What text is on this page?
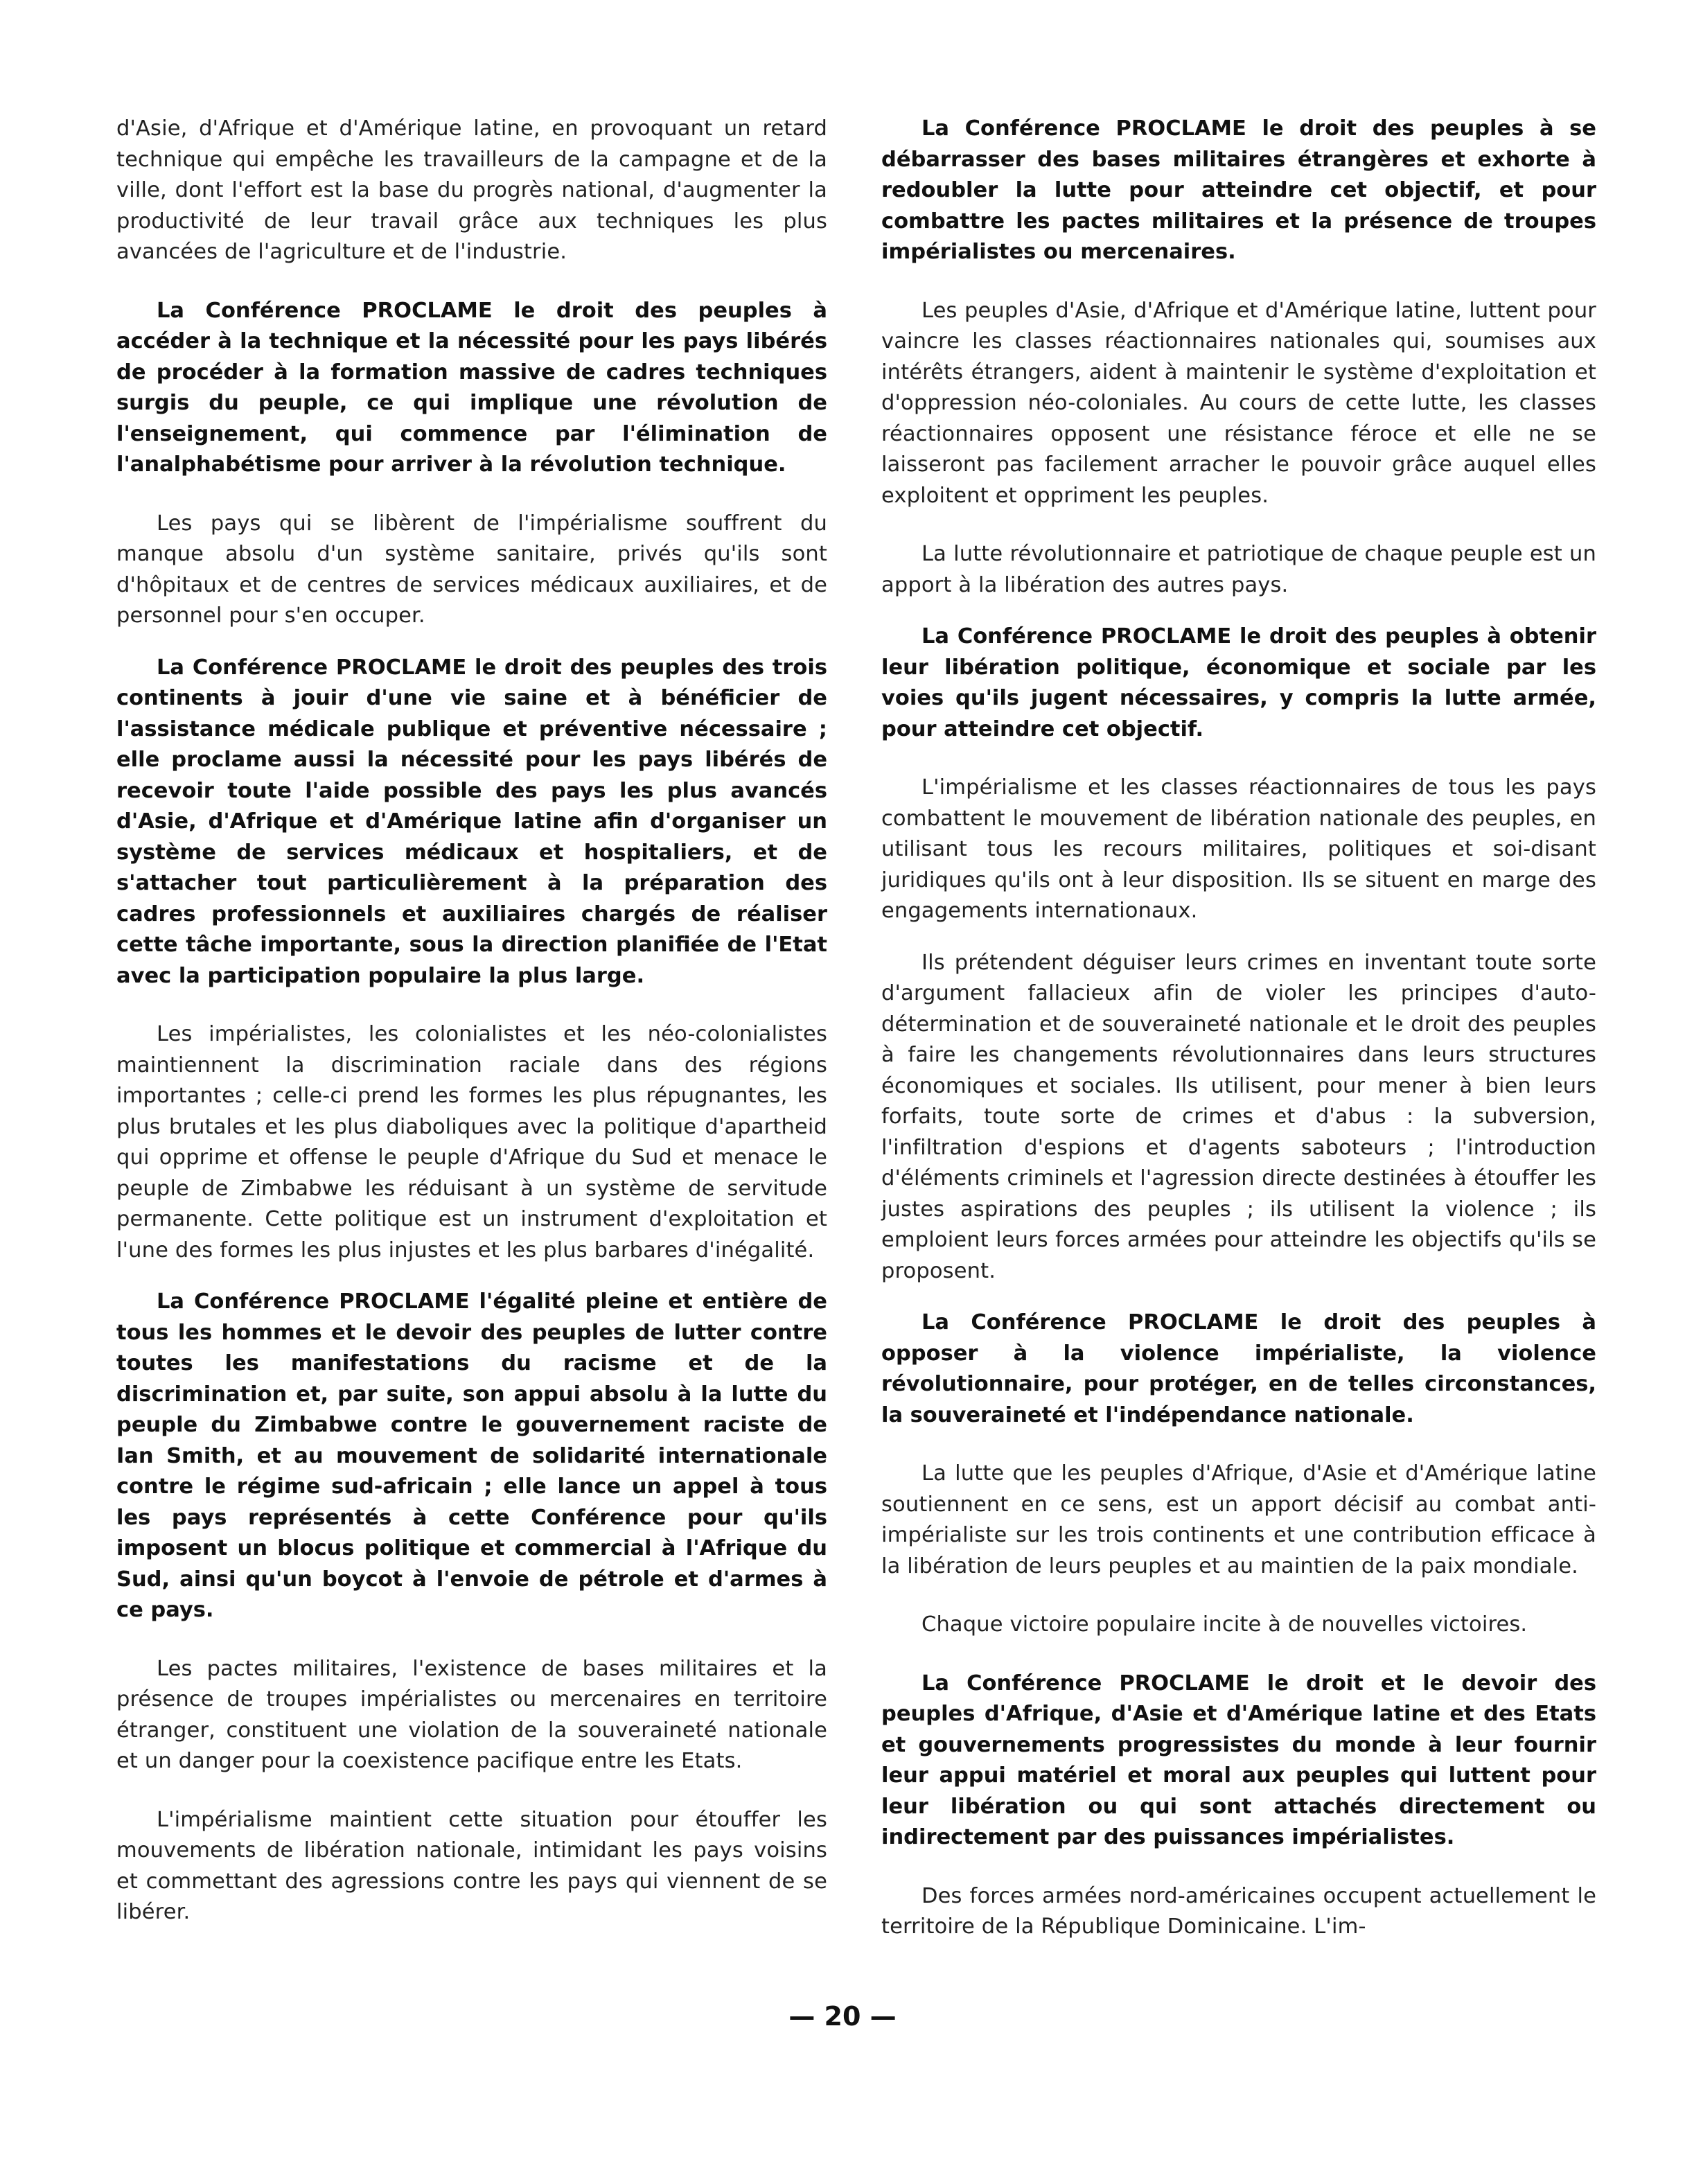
d'Asie, d'Afrique et d'Amérique latine, en provoquant un retard technique qui empêche les travailleurs de la campagne et de la ville, dont l'effort est la base du progrès national, d'augmenter la productivité de leur travail grâce aux techniques les plus avancées de l'agriculture et de l'industrie.

La Conférence PROCLAME le droit des peuples à accéder à la technique et la nécessité pour les pays libérés de procéder à la formation massive de cadres techniques surgis du peuple, ce qui implique une révolution de l'enseignement, qui commence par l'élimination de l'analphabétisme pour arriver à la révolution technique.

Les pays qui se libèrent de l'impérialisme souffrent du manque absolu d'un système sanitaire, privés qu'ils sont d'hôpitaux et de centres de services médicaux auxiliaires, et de personnel pour s'en occuper.

La Conférence PROCLAME le droit des peuples des trois continents à jouir d'une vie saine et à bénéficier de l'assistance médicale publique et préventive nécessaire ; elle proclame aussi la nécessité pour les pays libérés de recevoir toute l'aide possible des pays les plus avancés d'Asie, d'Afrique et d'Amérique latine afin d'organiser un système de services médicaux et hospitaliers, et de s'attacher tout particulièrement à la préparation des cadres professionnels et auxiliaires chargés de réaliser cette tâche importante, sous la direction planifiée de l'Etat avec la participation populaire la plus large.

Les impérialistes, les colonialistes et les néo-colonialistes maintiennent la discrimination raciale dans des régions importantes ; celle-ci prend les formes les plus répugnantes, les plus brutales et les plus diaboliques avec la politique d'apartheid qui opprime et offense le peuple d'Afrique du Sud et menace le peuple de Zimbabwe les réduisant à un système de servitude permanente. Cette politique est un instrument d'exploitation et l'une des formes les plus injustes et les plus barbares d'inégalité.

La Conférence PROCLAME l'égalité pleine et entière de tous les hommes et le devoir des peuples de lutter contre toutes les manifestations du racisme et de la discrimination et, par suite, son appui absolu à la lutte du peuple du Zimbabwe contre le gouvernement raciste de Ian Smith, et au mouvement de solidarité internationale contre le régime sud-africain ; elle lance un appel à tous les pays représentés à cette Conférence pour qu'ils imposent un blocus politique et commercial à l'Afrique du Sud, ainsi qu'un boycot à l'envoie de pétrole et d'armes à ce pays.

Les pactes militaires, l'existence de bases militaires et la présence de troupes impérialistes ou mercenaires en territoire étranger, constituent une violation de la souveraineté nationale et un danger pour la coexistence pacifique entre les Etats.

L'impérialisme maintient cette situation pour étouffer les mouvements de libération nationale, intimidant les pays voisins et commettant des agressions contre les pays qui viennent de se libérer.

La Conférence PROCLAME le droit des peuples à se débarrasser des bases militaires étrangères et exhorte à redoubler la lutte pour atteindre cet objectif, et pour combattre les pactes militaires et la présence de troupes impérialistes ou mercenaires.

Les peuples d'Asie, d'Afrique et d'Amérique latine, luttent pour vaincre les classes réactionnaires nationales qui, soumises aux intérêts étrangers, aident à maintenir le système d'exploitation et d'oppression néo-coloniales. Au cours de cette lutte, les classes réactionnaires opposent une résistance féroce et elle ne se laisseront pas facilement arracher le pouvoir grâce auquel elles exploitent et oppriment les peuples.

La lutte révolutionnaire et patriotique de chaque peuple est un apport à la libération des autres pays.

La Conférence PROCLAME le droit des peuples à obtenir leur libération politique, économique et sociale par les voies qu'ils jugent nécessaires, y compris la lutte armée, pour atteindre cet objectif.

L'impérialisme et les classes réactionnaires de tous les pays combattent le mouvement de libération nationale des peuples, en utilisant tous les recours militaires, politiques et soi-disant juridiques qu'ils ont à leur disposition. Ils se situent en marge des engagements internationaux.

Ils prétendent déguiser leurs crimes en inventant toute sorte d'argument fallacieux afin de violer les principes d'auto-détermination et de souveraineté nationale et le droit des peuples à faire les changements révolutionnaires dans leurs structures économiques et sociales. Ils utilisent, pour mener à bien leurs forfaits, toute sorte de crimes et d'abus : la subversion, l'infiltration d'espions et d'agents saboteurs ; l'introduction d'éléments criminels et l'agression directe destinées à étouffer les justes aspirations des peuples ; ils utilisent la violence ; ils emploient leurs forces armées pour atteindre les objectifs qu'ils se proposent.

La Conférence PROCLAME le droit des peuples à opposer à la violence impérialiste, la violence révolutionnaire, pour protéger, en de telles circonstances, la souveraineté et l'indépendance nationale.

La lutte que les peuples d'Afrique, d'Asie et d'Amérique latine soutiennent en ce sens, est un apport décisif au combat anti-impérialiste sur les trois continents et une contribution efficace à la libération de leurs peuples et au maintien de la paix mondiale.

Chaque victoire populaire incite à de nouvelles victoires.

La Conférence PROCLAME le droit et le devoir des peuples d'Afrique, d'Asie et d'Amérique latine et des Etats et gouvernements progressistes du monde à leur fournir leur appui matériel et moral aux peuples qui luttent pour leur libération ou qui sont attachés directement ou indirectement par des puissances impérialistes.

Des forces armées nord-américaines occupent actuellement le territoire de la République Dominicaine. L'im-

— 20 —
